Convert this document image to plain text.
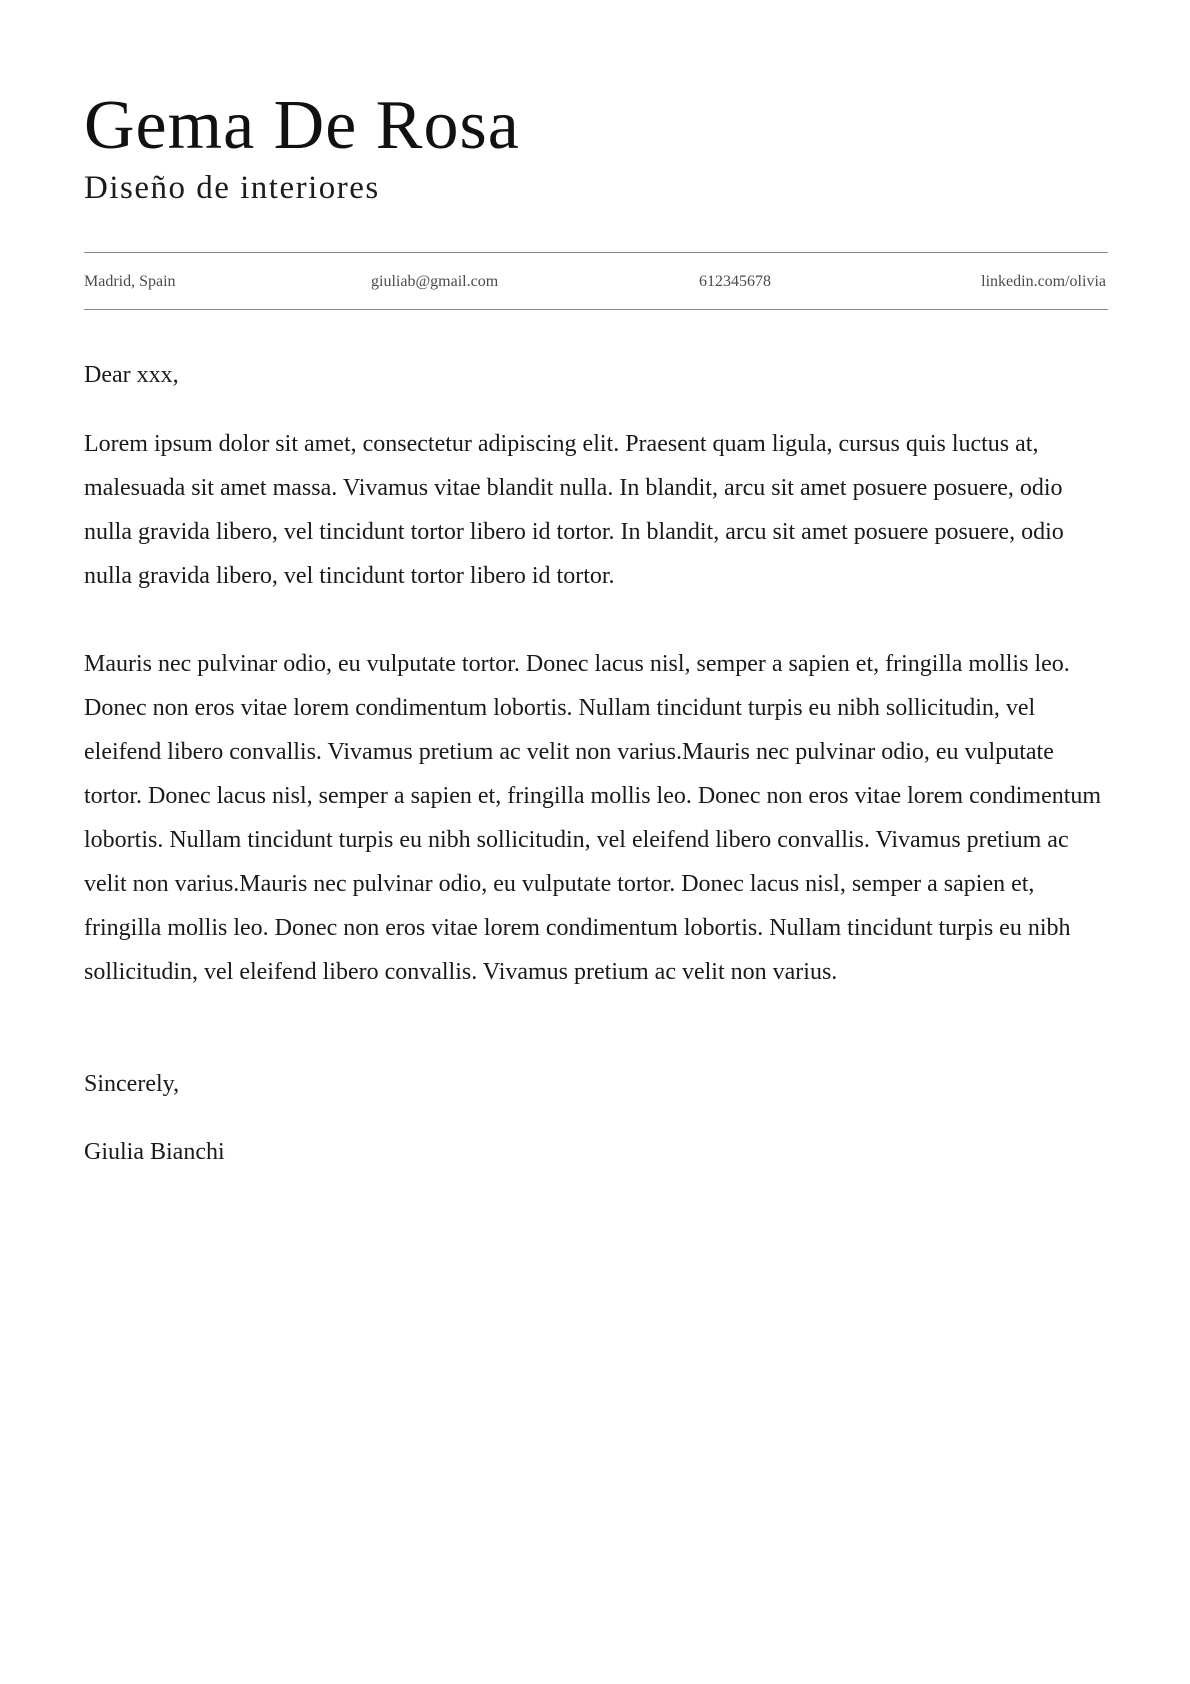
Gema De Rosa
Diseño de interiores
Madrid, Spain	giuliab@gmail.com	612345678	linkedin.com/olivia

Dear xxx,

Lorem ipsum dolor sit amet, consectetur adipiscing elit. Praesent quam ligula, cursus quis luctus at, malesuada sit amet massa. Vivamus vitae blandit nulla. In blandit, arcu sit amet posuere posuere, odio nulla gravida libero, vel tincidunt tortor libero id tortor. In blandit, arcu sit amet posuere posuere, odio nulla gravida libero, vel tincidunt tortor libero id tortor.

Mauris nec pulvinar odio, eu vulputate tortor. Donec lacus nisl, semper a sapien et, fringilla mollis leo. Donec non eros vitae lorem condimentum lobortis. Nullam tincidunt turpis eu nibh sollicitudin, vel eleifend libero convallis. Vivamus pretium ac velit non varius.Mauris nec pulvinar odio, eu vulputate tortor. Donec lacus nisl, semper a sapien et, fringilla mollis leo. Donec non eros vitae lorem condimentum lobortis. Nullam tincidunt turpis eu nibh sollicitudin, vel eleifend libero convallis. Vivamus pretium ac velit non varius.Mauris nec pulvinar odio, eu vulputate tortor. Donec lacus nisl, semper a sapien et, fringilla mollis leo. Donec non eros vitae lorem condimentum lobortis. Nullam tincidunt turpis eu nibh sollicitudin, vel eleifend libero convallis. Vivamus pretium ac velit non varius.

Sincerely,

Giulia Bianchi
